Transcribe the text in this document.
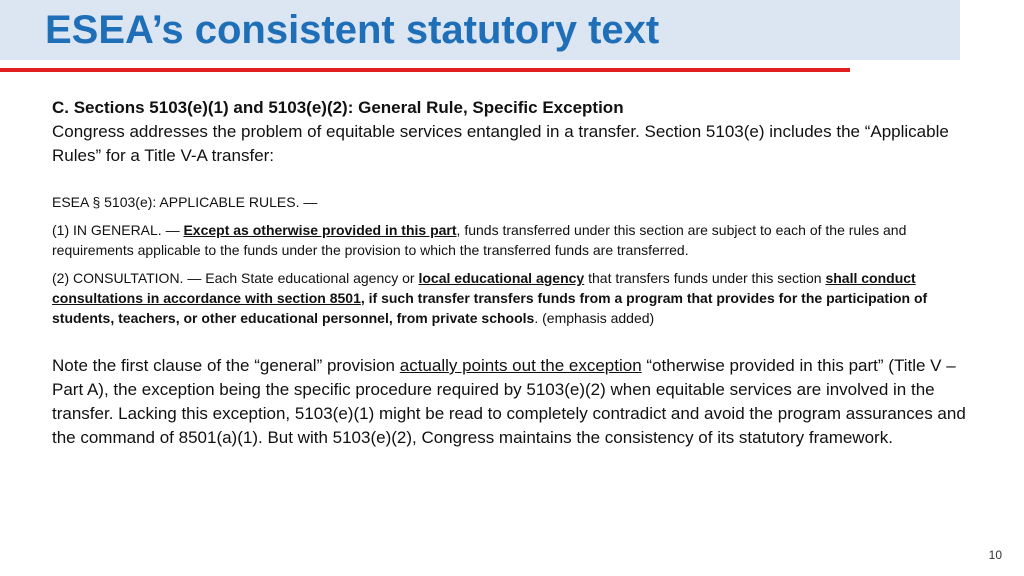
ESEA’s consistent statutory text

C. Sections 5103(e)(1) and 5103(e)(2): General Rule, Specific Exception

Congress addresses the problem of equitable services entangled in a transfer. Section 5103(e) includes the “Applicable Rules” for a Title V-A transfer:

ESEA § 5103(e): APPLICABLE RULES. —

(1) IN GENERAL. — Except as otherwise provided in this part, funds transferred under this section are subject to each of the rules and requirements applicable to the funds under the provision to which the transferred funds are transferred.

(2) CONSULTATION. — Each State educational agency or local educational agency that transfers funds under this section shall conduct consultations in accordance with section 8501, if such transfer transfers funds from a program that provides for the participation of students, teachers, or other educational personnel, from private schools. (emphasis added)

Note the first clause of the “general” provision actually points out the exception “otherwise provided in this part” (Title V – Part A), the exception being the specific procedure required by 5103(e)(2) when equitable services are involved in the transfer. Lacking this exception, 5103(e)(1) might be read to completely contradict and avoid the program assurances and the command of 8501(a)(1). But with 5103(e)(2), Congress maintains the consistency of its statutory framework.

10
